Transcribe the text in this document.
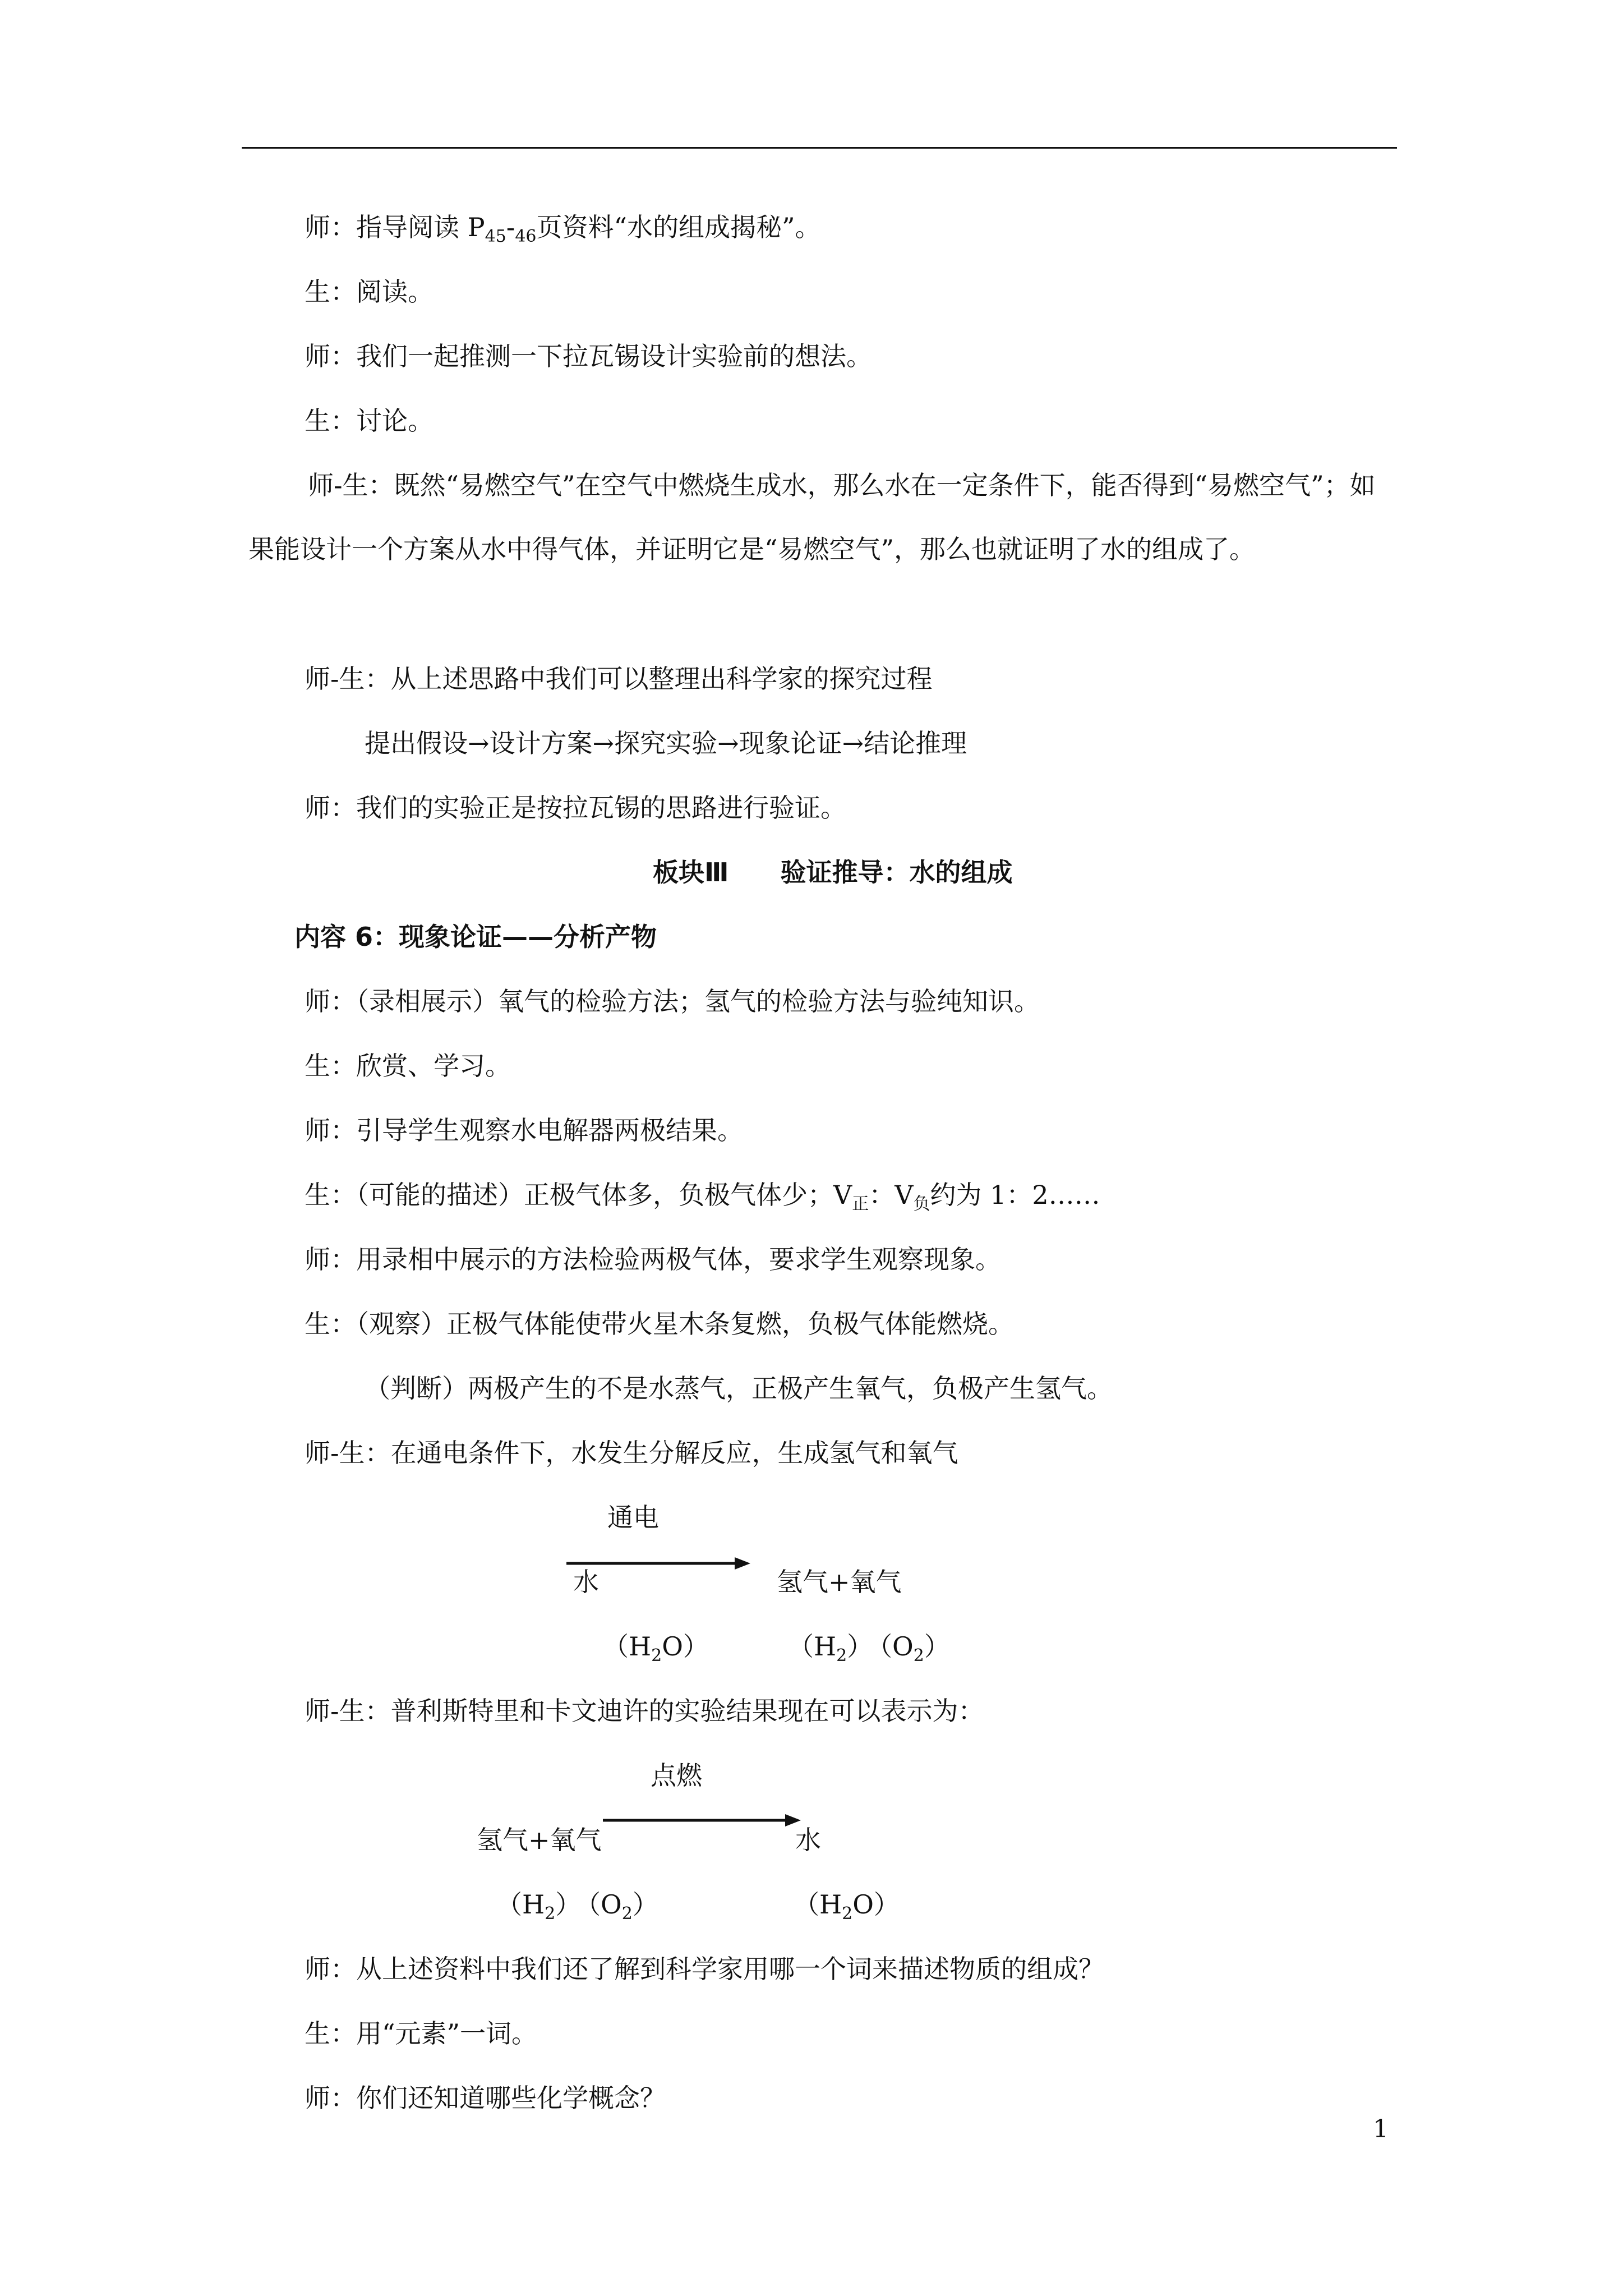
师：指导阅读 $P_{45}-_{46}$页资料“水的组成揭秘”。
生：阅读。
师：我们一起推测一下拉瓦锡设计实验前的想法。
生：讨论。
师-生：既然“易燃空气”在空气中燃烧生成水，那么水在一定条件下，能否得到“易燃空气”；如果能设计一个方案从水中得气体，并证明它是“易燃空气”，那么也就证明了水的组成了。
师-生：从上述思路中我们可以整理出科学家的探究过程
提出假设→设计方案→探究实验→现象论证→结论推理
师：我们的实验正是按拉瓦锡的思路进行验证。
板块Ⅲ　　验证推导：水的组成
内容 6：现象论证——分析产物
师：（录相展示）氧气的检验方法；氢气的检验方法与验纯知识。
生：欣赏、学习。
师：引导学生观察水电解器两极结果。
生：（可能的描述）正极气体多，负极气体少；$V_正$：$V_负$约为 1：2……
师：用录相中展示的方法检验两极气体，要求学生观察现象。
生：（观察）正极气体能使带火星木条复燃，负极气体能燃烧。
（判断）两极产生的不是水蒸气，正极产生氧气，负极产生氢气。
师-生：在通电条件下，水发生分解反应，生成氢气和氧气
通电
水	氢气+氧气
$(H_2O)$	$(H_2)$
$(O_2)$
师-生：普利斯特里和卡文迪许的实验结果现在可以表示为：
点燃
氢气+氧气	水
$(H_2)$
$(O_2)$	$(H_2O)$
师：从上述资料中我们还了解到科学家用哪一个词来描述物质的组成？
生：用“元素”一词。
师：你们还知道哪些化学概念？
1
